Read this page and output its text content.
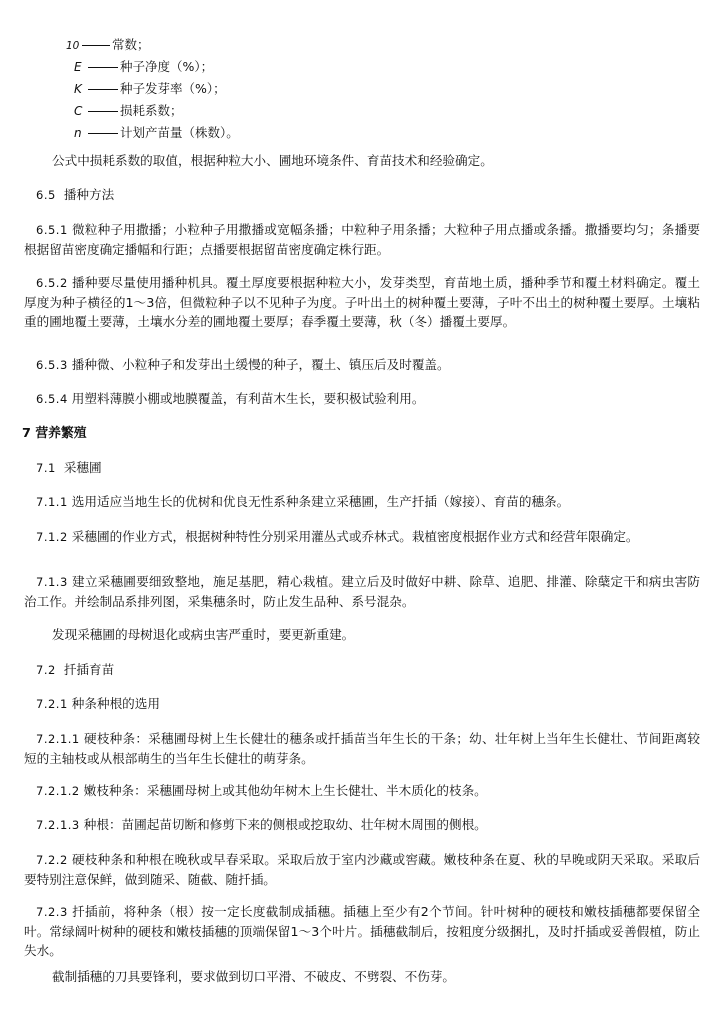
10	常数；
E	种子净度（%）；
K	种子发芽率（%）；
C	损耗系数；
n	计划产苗量（株数）。
公式中损耗系数的取值，根据种粒大小、圃地环境条件、育苗技术和经验确定。
6.5 播种方法
6.5.1 微粒种子用撒播；小粒种子用撒播或宽幅条播；中粒种子用条播；大粒种子用点播或条播。撒播要均匀；条播要根据留苗密度确定播幅和行距；点播要根据留苗密度确定株行距。
6.5.2 播种要尽量使用播种机具。覆土厚度要根据种粒大小，发芽类型，育苗地土质，播种季节和覆土材料确定。覆土厚度为种子横径的1～3倍，但微粒种子以不见种子为度。子叶出土的树种覆土要薄，子叶不出土的树种覆土要厚。土壤粘重的圃地覆土要薄，土壤水分差的圃地覆土要厚；春季覆土要薄，秋（冬）播覆土要厚。
6.5.3 播种微、小粒种子和发芽出土缓慢的种子，覆土、镇压后及时覆盖。
6.5.4 用塑料薄膜小棚或地膜覆盖，有利苗木生长，要积极试验利用。
7 营养繁殖
7.1 采穗圃
7.1.1 选用适应当地生长的优树和优良无性系种条建立采穗圃，生产扦插（嫁接）、育苗的穗条。
7.1.2 采穗圃的作业方式，根据树种特性分别采用灌丛式或乔林式。栽植密度根据作业方式和经营年限确定。
7.1.3 建立采穗圃要细致整地，施足基肥，精心栽植。建立后及时做好中耕、除草、追肥、排灌、除蘖定干和病虫害防治工作。并绘制品系排列图，采集穗条时，防止发生品种、系号混杂。
发现采穗圃的母树退化或病虫害严重时，要更新重建。
7.2 扦插育苗
7.2.1 种条种根的选用
7.2.1.1 硬枝种条：采穗圃母树上生长健壮的穗条或扦插苗当年生长的干条；幼、壮年树上当年生长健壮、节间距离较短的主轴枝或从根部萌生的当年生长健壮的萌芽条。
7.2.1.2 嫩枝种条：采穗圃母树上或其他幼年树木上生长健壮、半木质化的枝条。
7.2.1.3 种根：苗圃起苗切断和修剪下来的侧根或挖取幼、壮年树木周围的侧根。
7.2.2 硬枝种条和种根在晚秋或早春采取。采取后放于室内沙藏或窖藏。嫩枝种条在夏、秋的早晚或阴天采取。采取后要特别注意保鲜，做到随采、随截、随扦插。
7.2.3 扦插前，将种条（根）按一定长度截制成插穗。插穗上至少有2个节间。针叶树种的硬枝和嫩枝插穗都要保留全叶。常绿阔叶树种的硬枝和嫩枝插穗的顶端保留1～3个叶片。插穗截制后，按粗度分级捆扎，及时扦插或妥善假植，防止失水。
截制插穗的刀具要锋利，要求做到切口平滑、不破皮、不劈裂、不伤芽。
